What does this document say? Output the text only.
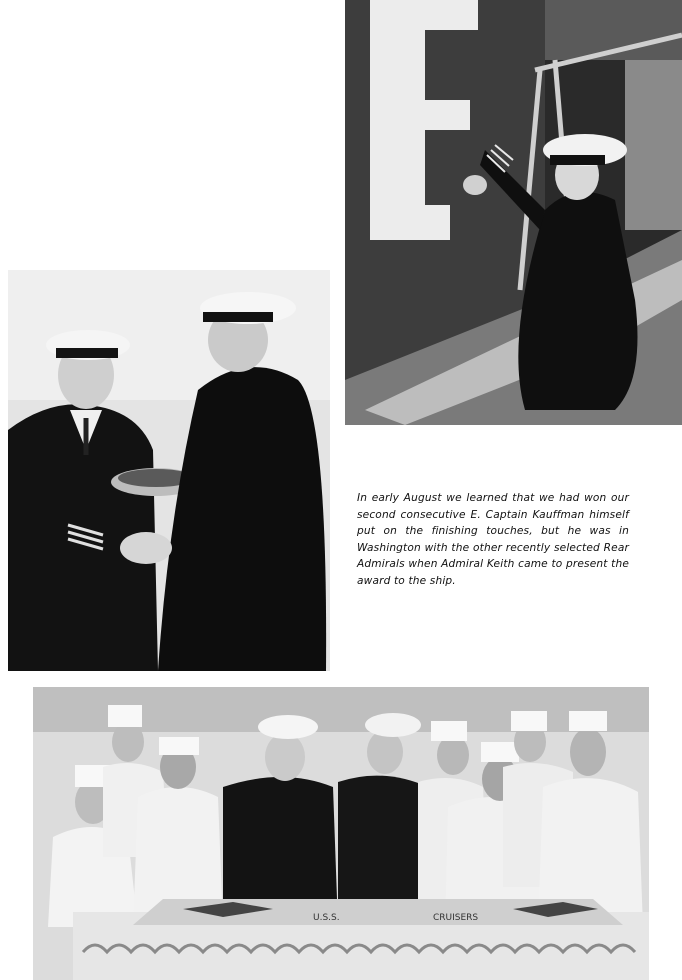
In early August we learned that we had won our second consecutive E. Captain Kauffman himself put on the finishing touches, but he was in Washington with the other recently selected Rear Admirals when Admiral Keith came to present the award to the ship.
U.S.S.	CRUISERS
